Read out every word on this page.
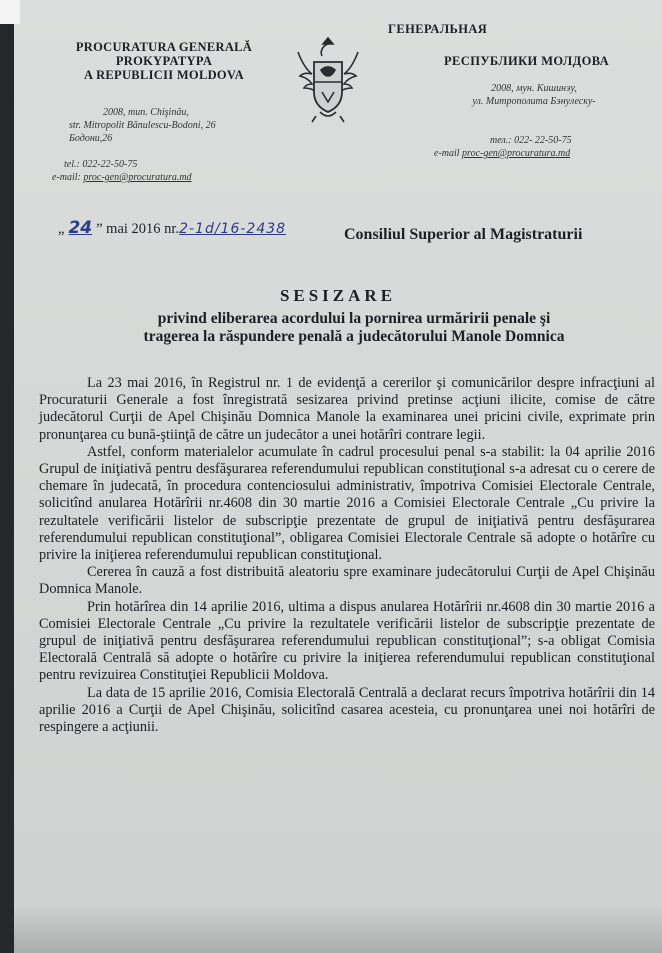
PROCURATURA GENERALĂ
PROKYPATYPA
A REPUBLICII MOLDOVA
ГЕНЕРАЛЬНАЯ
РЕСПУБЛИКИ МОЛДОВА
2008, mun. Chişinău,
str. Mitropolit Bănulescu-Bodoni, 26
Бодони,26
2008, мун. Кишинэу,
ул. Митрополита Бэнулеску-
tel.: 022-22-50-75
e-mail: proc-gen@procuratura.md
тел.: 022- 22-50-75
e-mail proc-gen@procuratura.md
„ 24 ” mai 2016 nr.2-1d/16-2438	Consiliul Superior al Magistraturii
SESIZARE
privind eliberarea acordului la pornirea urmăririi penale şi
tragerea la răspundere penală a judecătorului Manole Domnica

La 23 mai 2016, în Registrul nr. 1 de evidenţă a cererilor şi comunicărilor despre infracţiuni al Procuraturii Generale a fost înregistrată sesizarea privind pretinse acţiuni ilicite, comise de către judecătorul Curţii de Apel Chişinău Domnica Manole la examinarea unei pricini civile, exprimate prin pronunţarea cu bună-ştiinţă de către un judecător a unei hotărîri contrare legii.

Astfel, conform materialelor acumulate în cadrul procesului penal s-a stabilit: la 04 aprilie 2016 Grupul de iniţiativă pentru desfăşurarea referendumului republican constituţional s-a adresat cu o cerere de chemare în judecată, în procedura contenciosului administrativ, împotriva Comisiei Electorale Centrale, solicitînd anularea Hotărîrii nr.4608 din 30 martie 2016 a Comisiei Electorale Centrale „Cu privire la rezultatele verificării listelor de subscripţie prezentate de grupul de iniţiativă pentru desfăşurarea referendumului republican constituţional”, obligarea Comisiei Electorale Centrale să adopte o hotărîre cu privire la iniţierea referendumului republican constituţional.

Cererea în cauză a fost distribuită aleatoriu spre examinare judecătorului Curţii de Apel Chişinău Domnica Manole.

Prin hotărîrea din 14 aprilie 2016, ultima a dispus anularea Hotărîrii nr.4608 din 30 martie 2016 a Comisiei Electorale Centrale „Cu privire la rezultatele verificării listelor de subscripţie prezentate de grupul de iniţiativă pentru desfăşurarea referendumului republican constituţional”; s-a obligat Comisia Electorală Centrală să adopte o hotărîre cu privire la iniţierea referendumului republican constituţional pentru revizuirea Constituţiei Republicii Moldova.

La data de 15 aprilie 2016, Comisia Electorală Centrală a declarat recurs împotriva hotărîrii din 14 aprilie 2016 a Curţii de Apel Chişinău, solicitînd casarea acesteia, cu pronunţarea unei noi hotărîri de respingere a acţiunii.
